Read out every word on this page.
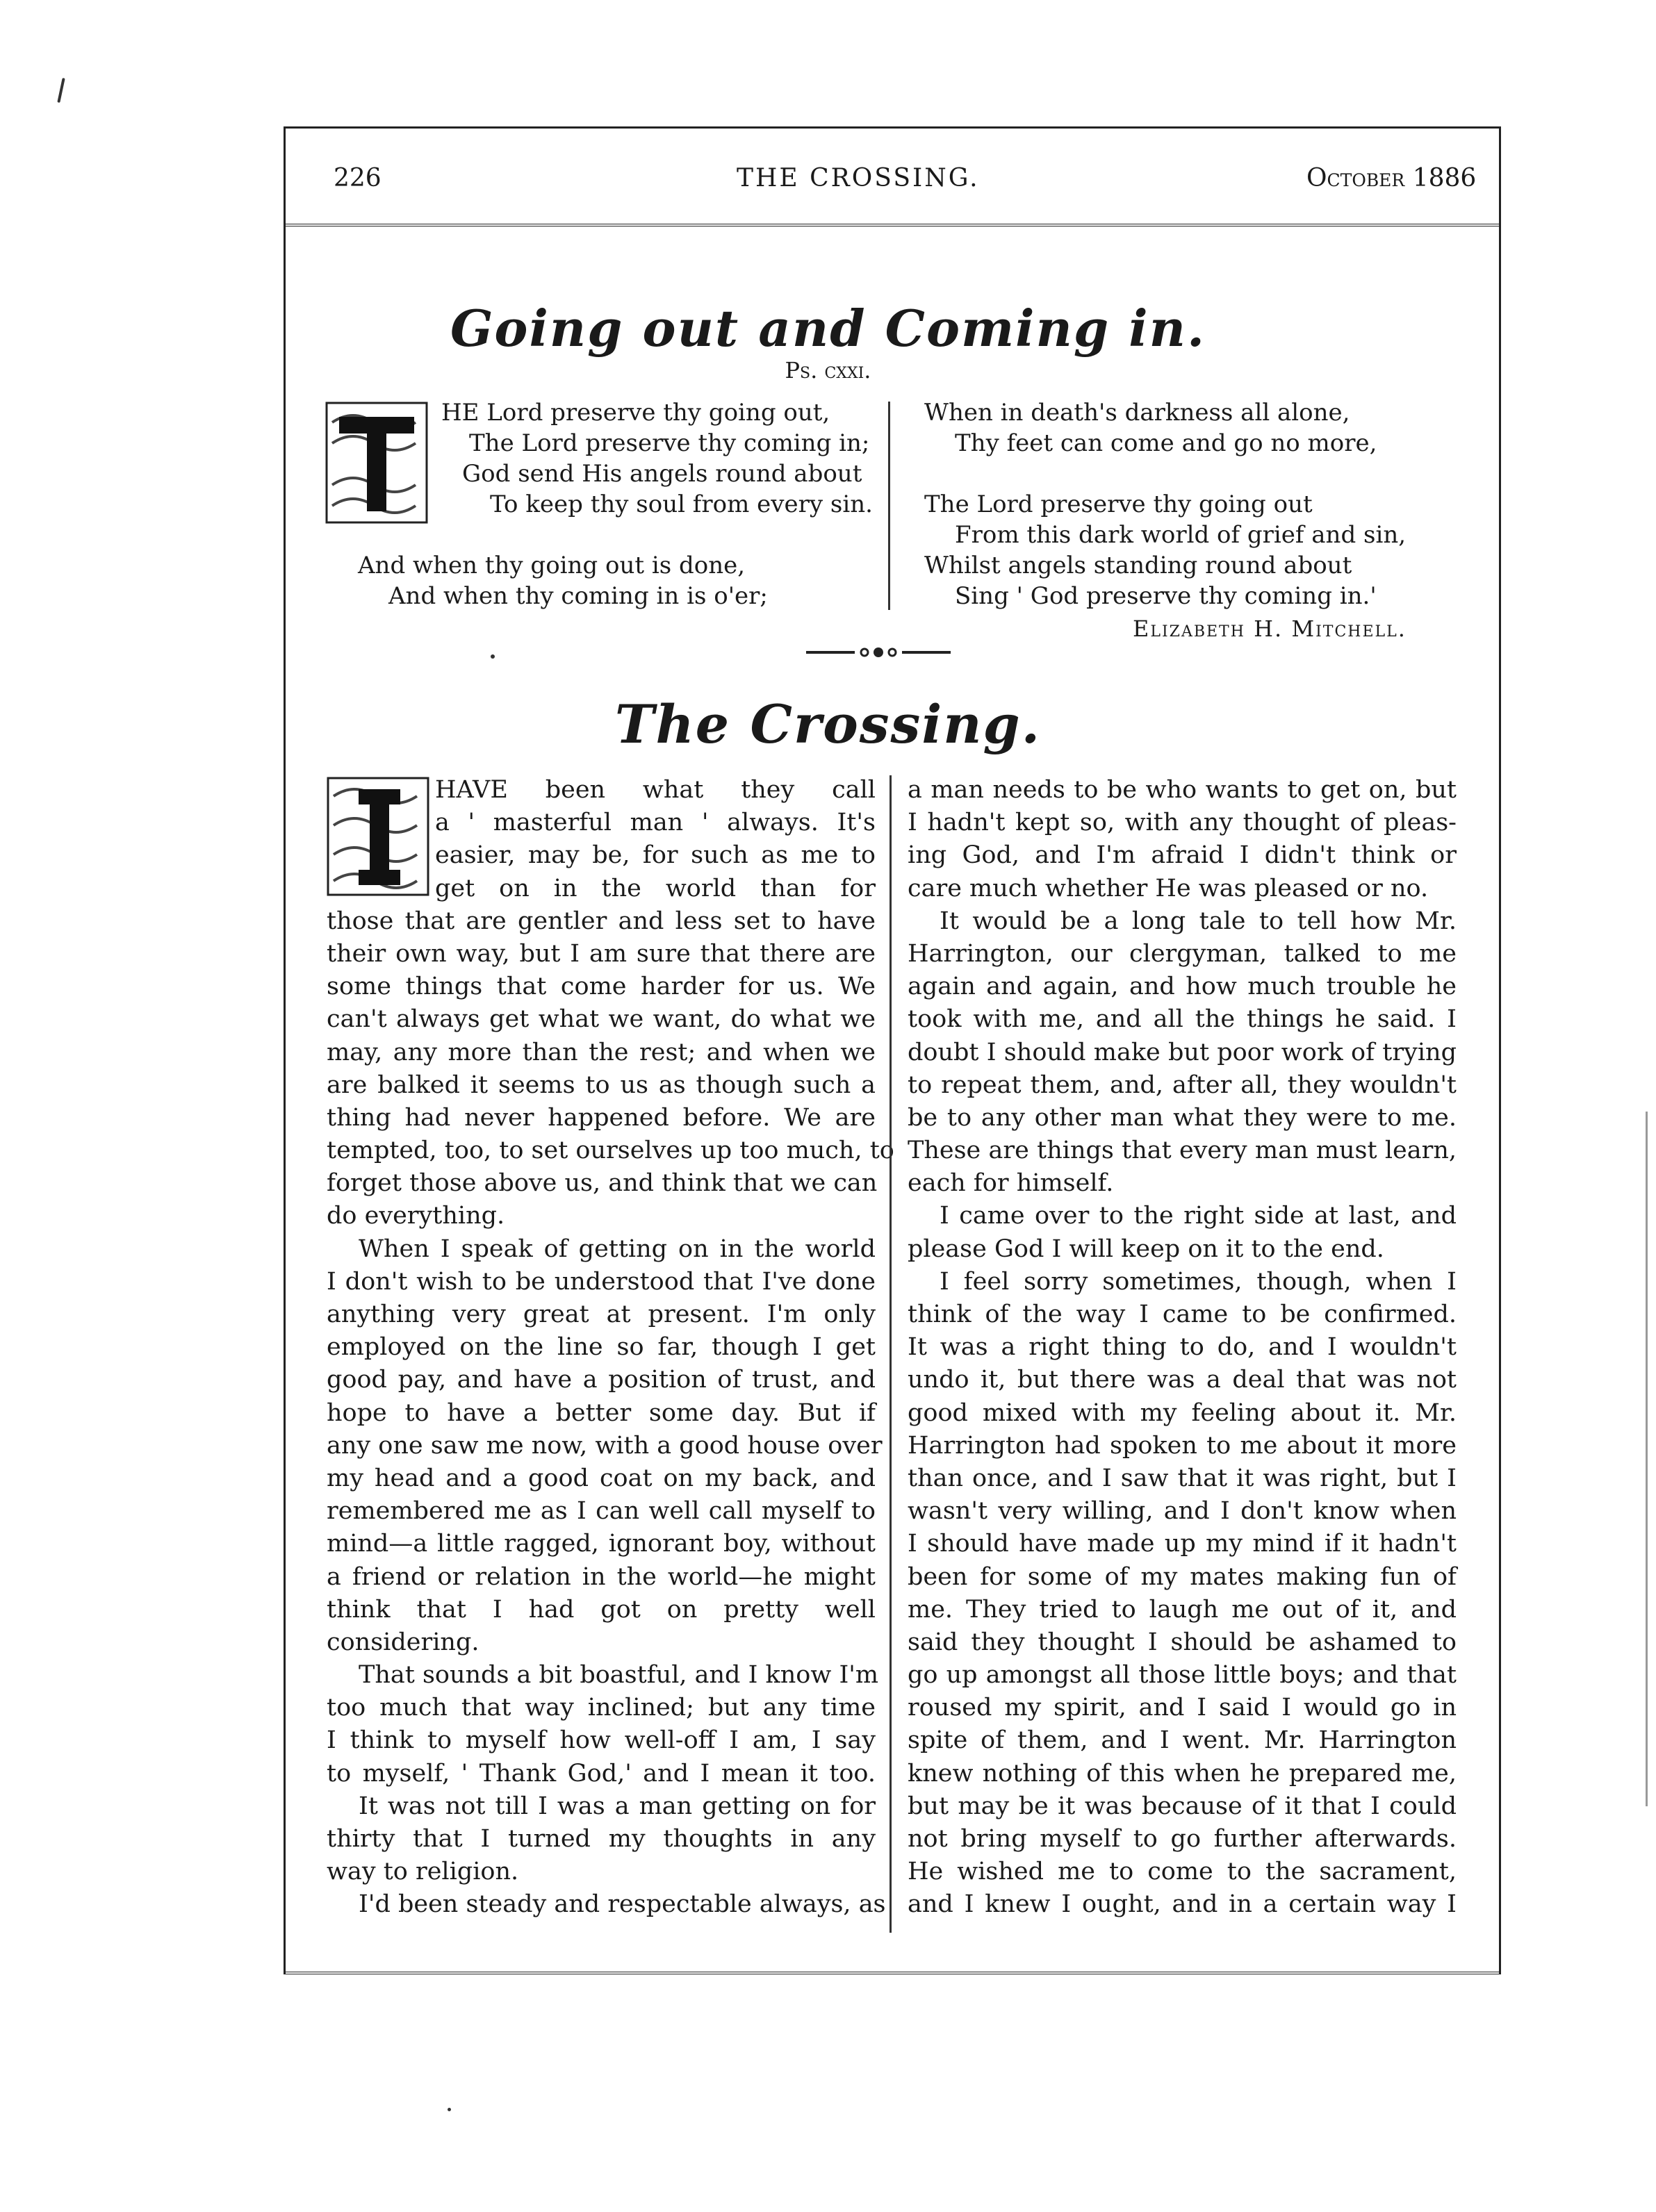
226	THE CROSSING.	October 1886
Going out and Coming in.
Ps. cxxi.
HE Lord preserve thy going out,
The Lord preserve thy coming in;
God send His angels round about
To keep thy soul from every sin.
And when thy going out is done,
And when thy coming in is o'er;
When in death's darkness all alone,
Thy feet can come and go no more,
The Lord preserve thy going out
From this dark world of grief and sin,
Whilst angels standing round about
Sing ' God preserve thy coming in.'
Elizabeth H. Mitchell.
The Crossing.
HAVE been what they call
a ' masterful man ' always. It's
easier, may be, for such as me to
get on in the world than for
those that are gentler and less set to have
their own way, but I am sure that there are
some things that come harder for us. We
can't always get what we want, do what we
may, any more than the rest; and when we
are balked it seems to us as though such a
thing had never happened before. We are
tempted, too, to set ourselves up too much, to
forget those above us, and think that we can
do everything.
When I speak of getting on in the world
I don't wish to be understood that I've done
anything very great at present. I'm only
employed on the line so far, though I get
good pay, and have a position of trust, and
hope to have a better some day. But if
any one saw me now, with a good house over
my head and a good coat on my back, and
remembered me as I can well call myself to
mind—a little ragged, ignorant boy, without
a friend or relation in the world—he might
think that I had got on pretty well
considering.
That sounds a bit boastful, and I know I'm
too much that way inclined; but any time
I think to myself how well-off I am, I say
to myself, ' Thank God,' and I mean it too.
It was not till I was a man getting on for
thirty that I turned my thoughts in any
way to religion.
I'd been steady and respectable always, as
a man needs to be who wants to get on, but
I hadn't kept so, with any thought of pleas-
ing God, and I'm afraid I didn't think or
care much whether He was pleased or no.
It would be a long tale to tell how Mr.
Harrington, our clergyman, talked to me
again and again, and how much trouble he
took with me, and all the things he said. I
doubt I should make but poor work of trying
to repeat them, and, after all, they wouldn't
be to any other man what they were to me.
These are things that every man must learn,
each for himself.
I came over to the right side at last, and
please God I will keep on it to the end.
I feel sorry sometimes, though, when I
think of the way I came to be confirmed.
It was a right thing to do, and I wouldn't
undo it, but there was a deal that was not
good mixed with my feeling about it. Mr.
Harrington had spoken to me about it more
than once, and I saw that it was right, but I
wasn't very willing, and I don't know when
I should have made up my mind if it hadn't
been for some of my mates making fun of
me. They tried to laugh me out of it, and
said they thought I should be ashamed to
go up amongst all those little boys; and that
roused my spirit, and I said I would go in
spite of them, and I went. Mr. Harrington
knew nothing of this when he prepared me,
but may be it was because of it that I could
not bring myself to go further afterwards.
He wished me to come to the sacrament,
and I knew I ought, and in a certain way I
